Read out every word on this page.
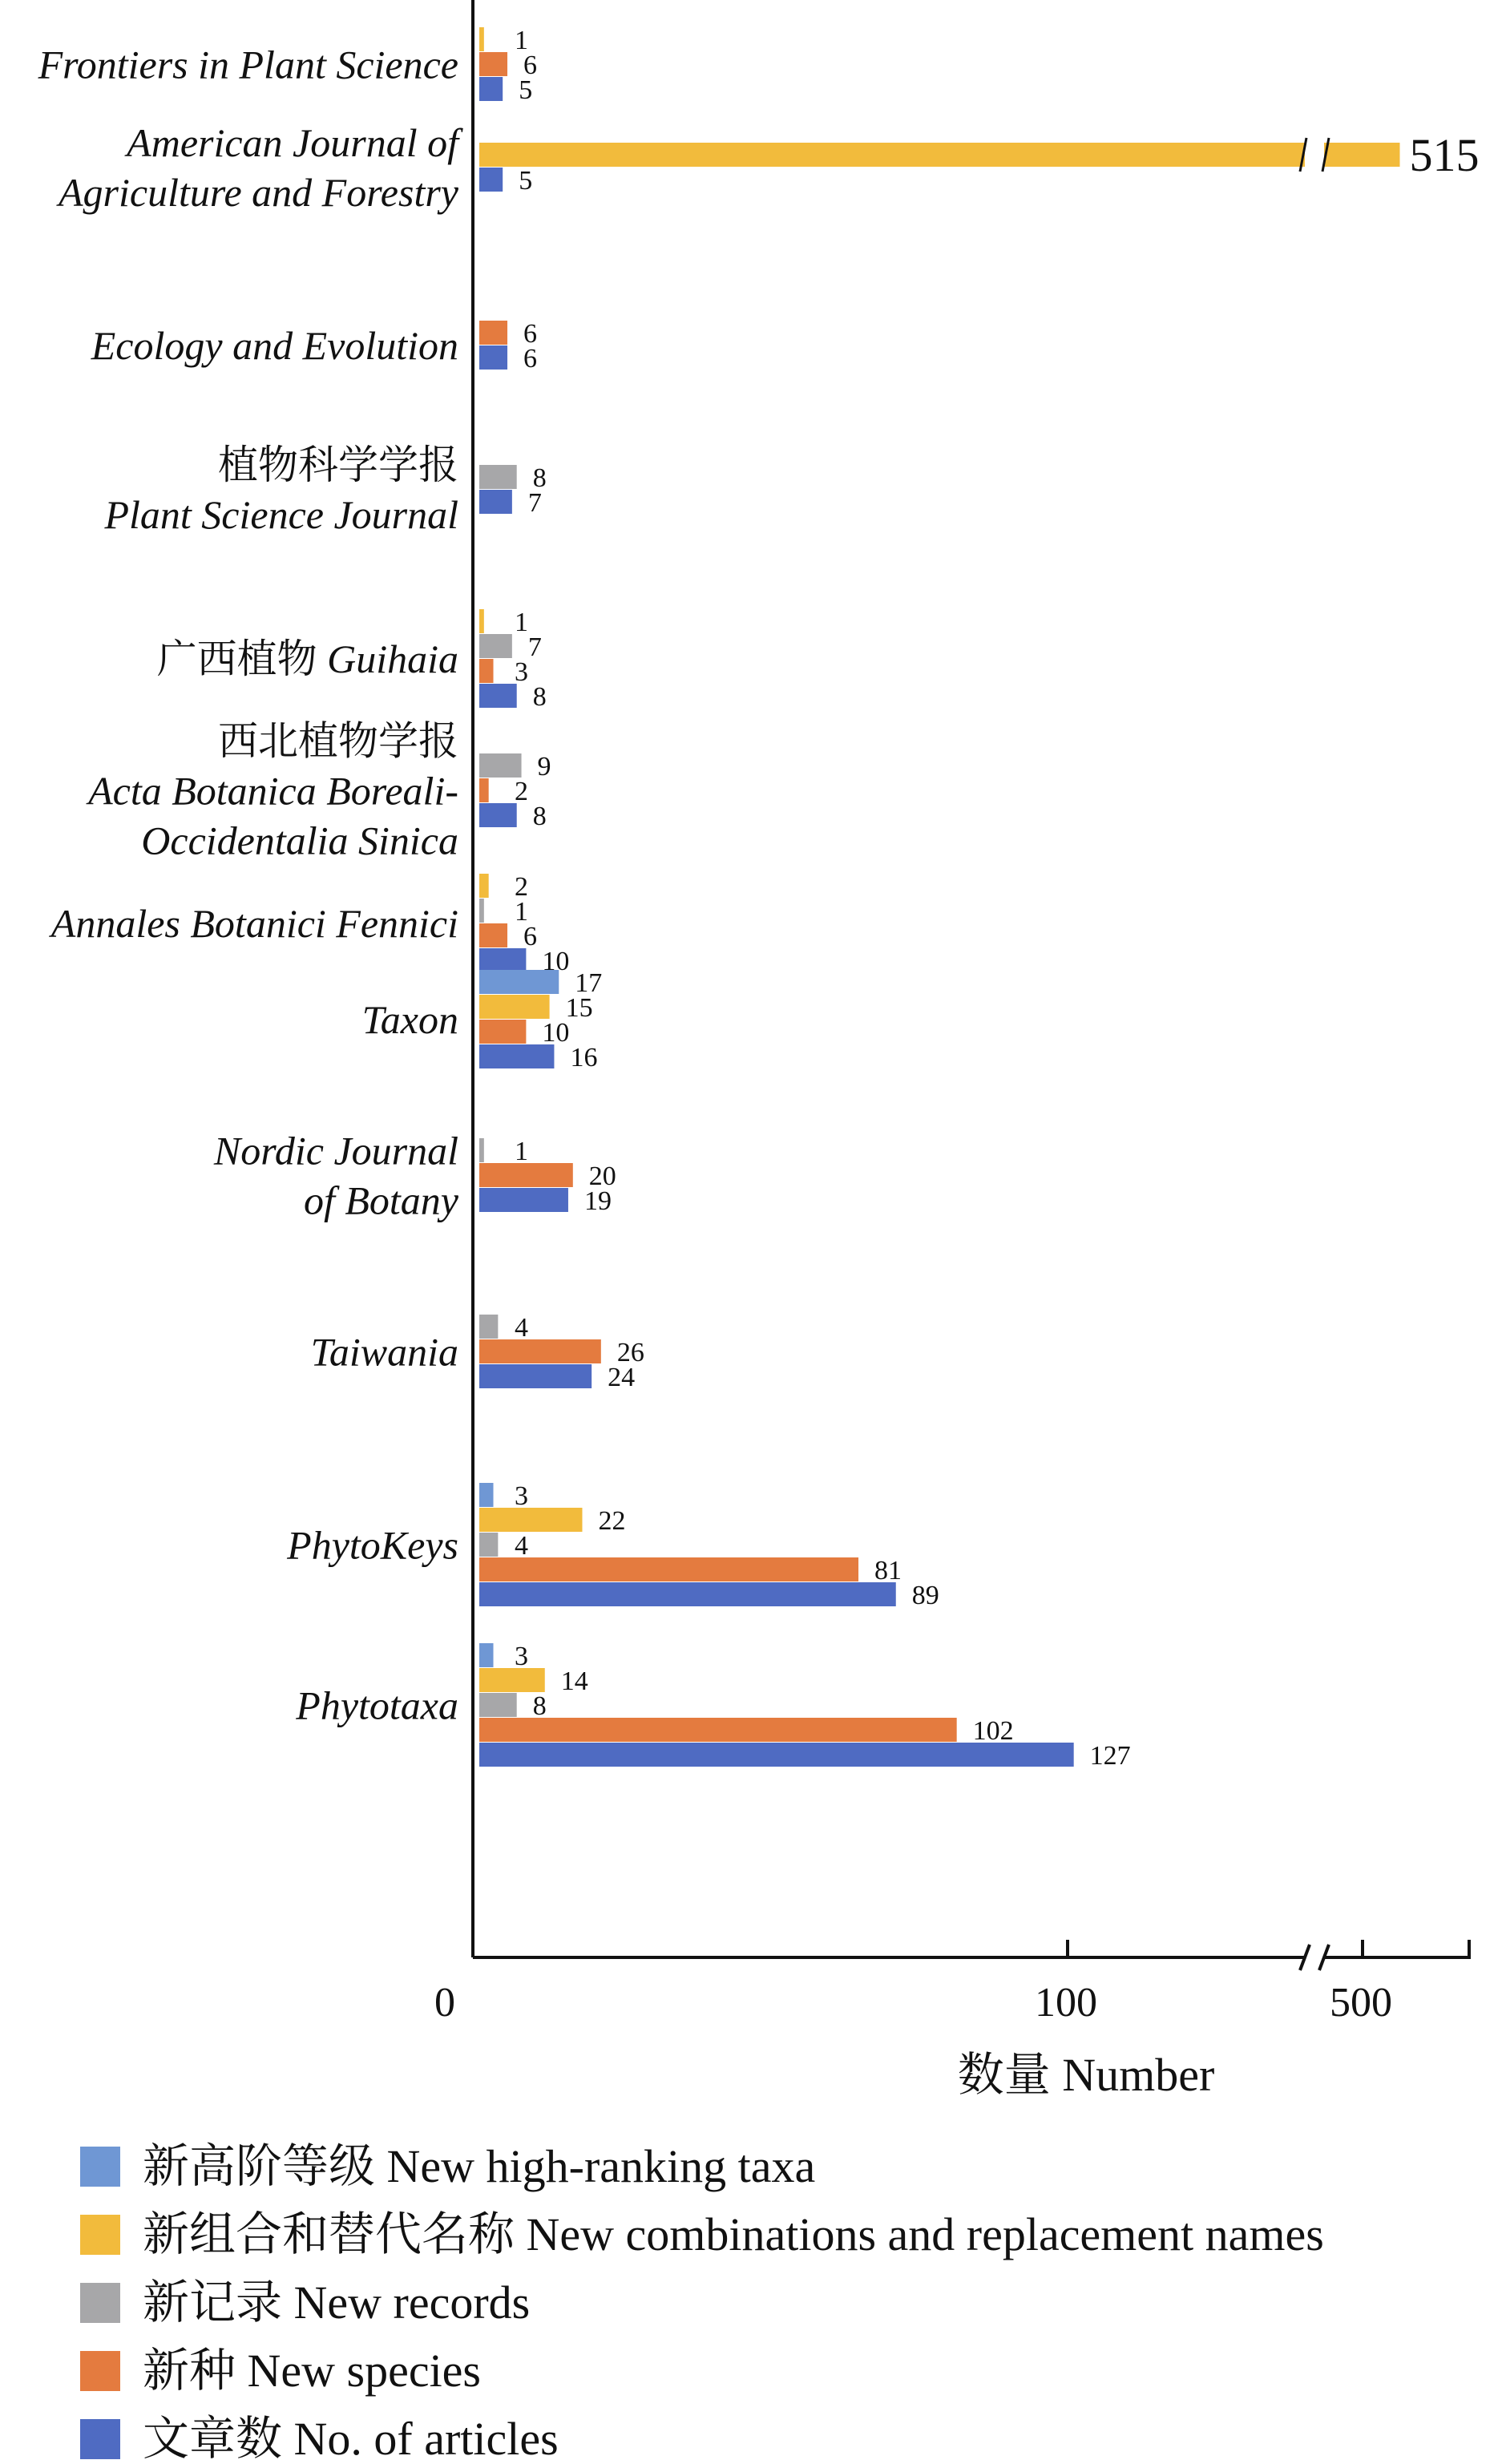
Frontiers in Plant Science
American Journal of
Agriculture and Forestry
Ecology and Evolution
植物科学学报
Plant Science Journal
广西植物 Guihaia
西北植物学报
Acta Botanica Boreali-
Occidentalia Sinica
Annales Botanici Fennici
Taxon
Nordic Journal
of Botany
Taiwania
PhytoKeys
Phytotaxa
1
6
5
515
5
6
6
8
7
1
7
3
8
9
2
8
2
1
6
10
17
15
10
16
1
20
19
4
26
24
3
22
4
81
89
3
14
8
102
127
0	100	500
数量 Number
新高阶等级 New high-ranking taxa
新组合和替代名称 New combinations and replacement names
新记录 New records
新种 New species
文章数 No. of articles
